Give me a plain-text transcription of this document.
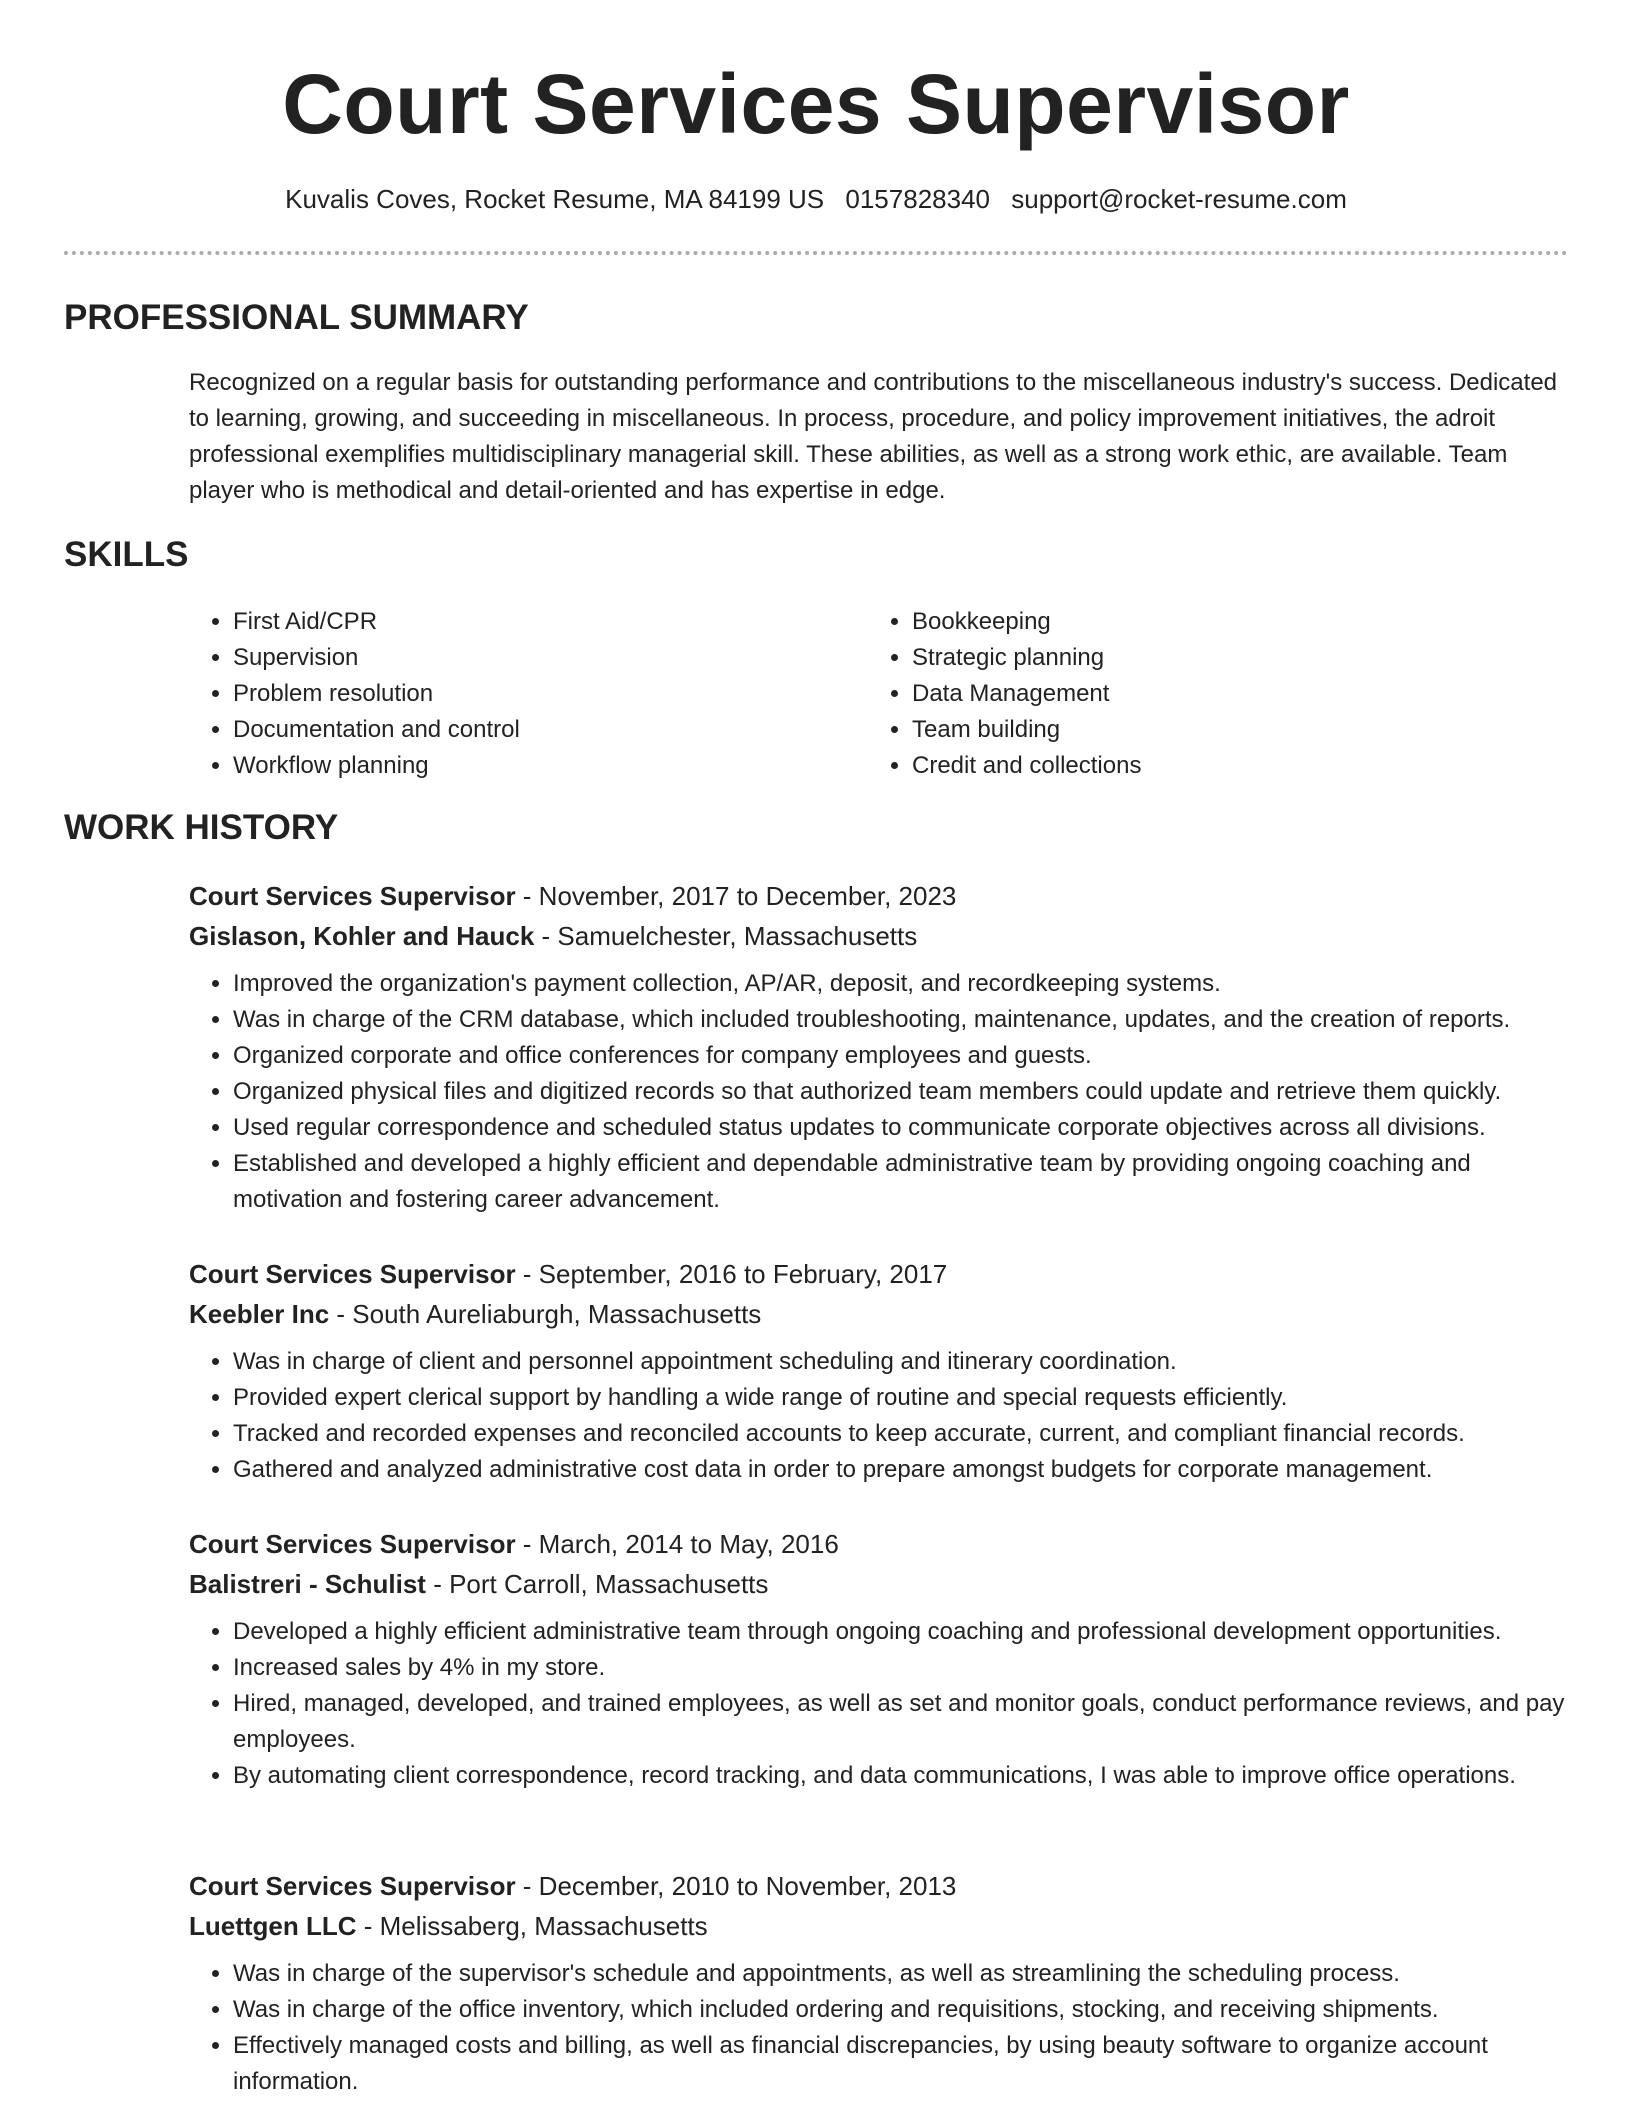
Court Services Supervisor
Kuvalis Coves, Rocket Resume, MA 84199 US 0157828340 support@rocket-resume.com
PROFESSIONAL SUMMARY

Recognized on a regular basis for outstanding performance and contributions to the miscellaneous industry's success. Dedicated to learning, growing, and succeeding in miscellaneous. In process, procedure, and policy improvement initiatives, the adroit professional exemplifies multidisciplinary managerial skill. These abilities, as well as a strong work ethic, are available. Team player who is methodical and detail-oriented and has expertise in edge.

SKILLS
• First Aid/CPR
• Supervision
• Problem resolution
• Documentation and control
• Workflow planning
• Bookkeeping
• Strategic planning
• Data Management
• Team building
• Credit and collections
WORK HISTORY

Court Services Supervisor - November, 2017 to December, 2023

Gislason, Kohler and Hauck - Samuelchester, Massachusetts

• Improved the organization's payment collection, AP/AR, deposit, and recordkeeping systems.
• Was in charge of the CRM database, which included troubleshooting, maintenance, updates, and the creation of reports.
• Organized corporate and office conferences for company employees and guests.
• Organized physical files and digitized records so that authorized team members could update and retrieve them quickly.
• Used regular correspondence and scheduled status updates to communicate corporate objectives across all divisions.
• Established and developed a highly efficient and dependable administrative team by providing ongoing coaching and motivation and fostering career advancement.

Court Services Supervisor - September, 2016 to February, 2017

Keebler Inc - South Aureliaburgh, Massachusetts

• Was in charge of client and personnel appointment scheduling and itinerary coordination.
• Provided expert clerical support by handling a wide range of routine and special requests efficiently.
• Tracked and recorded expenses and reconciled accounts to keep accurate, current, and compliant financial records.
• Gathered and analyzed administrative cost data in order to prepare amongst budgets for corporate management.

Court Services Supervisor - March, 2014 to May, 2016

Balistreri - Schulist - Port Carroll, Massachusetts

• Developed a highly efficient administrative team through ongoing coaching and professional development opportunities.
• Increased sales by 4% in my store.
• Hired, managed, developed, and trained employees, as well as set and monitor goals, conduct performance reviews, and pay employees.
• By automating client correspondence, record tracking, and data communications, I was able to improve office operations.

Court Services Supervisor - December, 2010 to November, 2013

Luettgen LLC - Melissaberg, Massachusetts

• Was in charge of the supervisor's schedule and appointments, as well as streamlining the scheduling process.
• Was in charge of the office inventory, which included ordering and requisitions, stocking, and receiving shipments.
• Effectively managed costs and billing, as well as financial discrepancies, by using beauty software to organize account information.
